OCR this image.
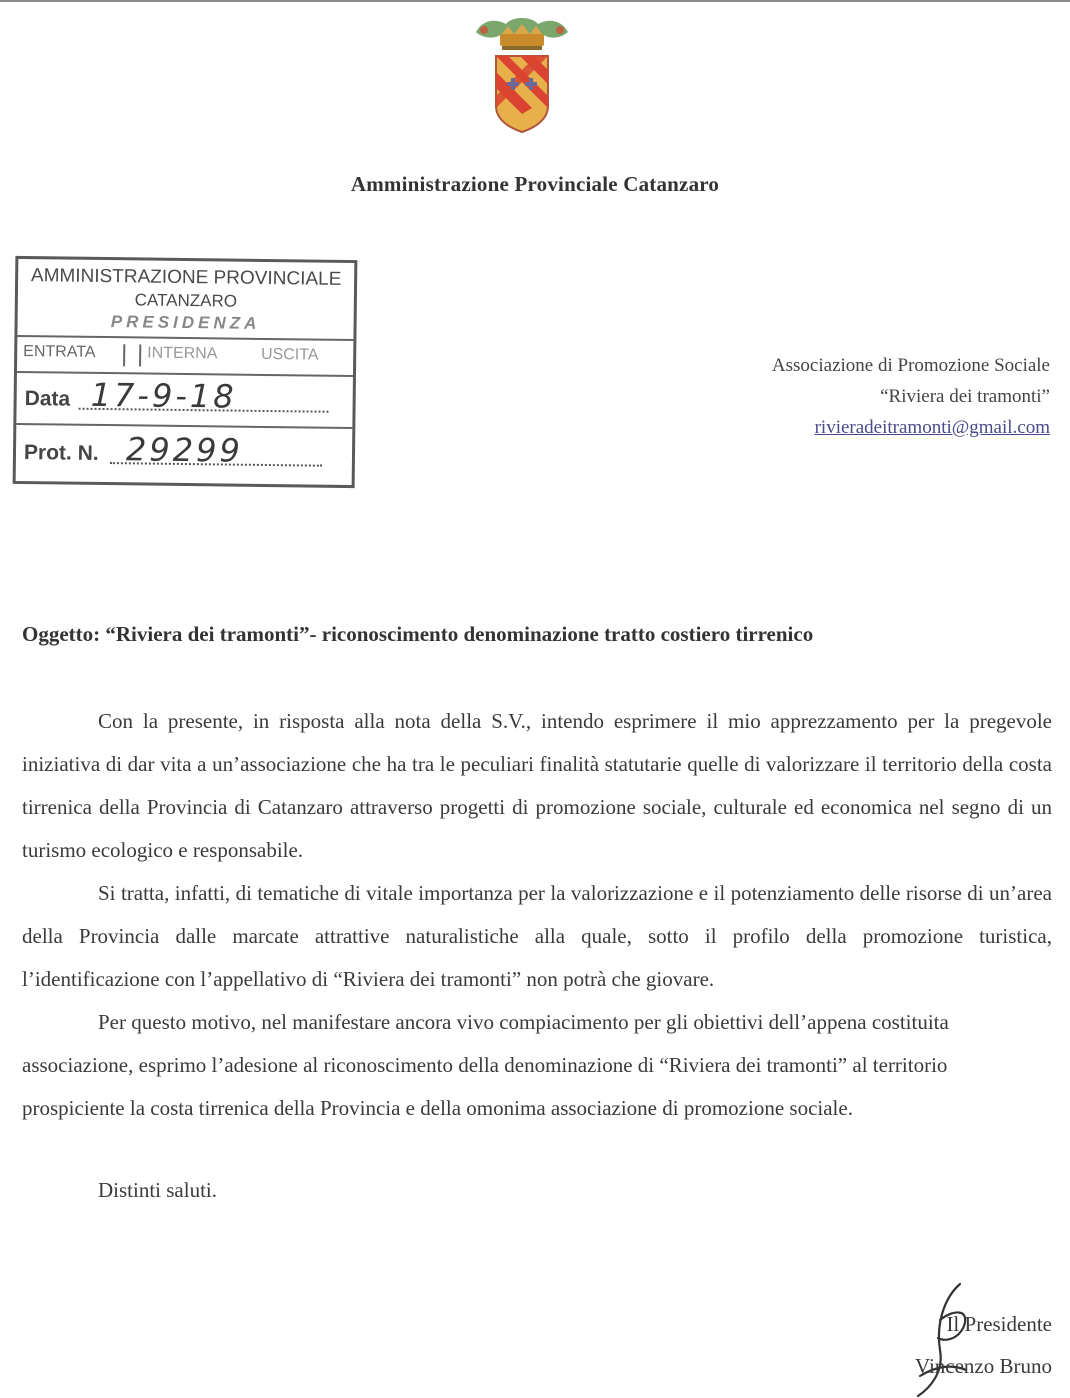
Amministrazione Provinciale Catanzaro
AMMINISTRAZIONE PROVINCIALE
CATANZARO
PRESIDENZA
ENTRATA	INTERNA	USCITA
Data 17-9-18
Prot. N. 29299
Associazione di Promozione Sociale
“Riviera dei tramonti”
rivieradeitramonti@gmail.com
Oggetto: “Riviera dei tramonti”- riconoscimento denominazione tratto costiero tirrenico

Con la presente, in risposta alla nota della S.V., intendo esprimere il mio apprezzamento per la pregevole iniziativa di dar vita a un’associazione che ha tra le peculiari finalità statutarie quelle di valorizzare il territorio della costa tirrenica della Provincia di Catanzaro attraverso progetti di promozione sociale, culturale ed economica nel segno di un turismo ecologico e responsabile.

Si tratta, infatti, di tematiche di vitale importanza per la valorizzazione e il potenziamento delle risorse di un’area della Provincia dalle marcate attrattive naturalistiche alla quale, sotto il profilo della promozione turistica, l’identificazione con l’appellativo di “Riviera dei tramonti” non potrà che giovare.

Per questo motivo, nel manifestare ancora vivo compiacimento per gli obiettivi dell’appena costituita associazione, esprimo l’adesione al riconoscimento della denominazione di “Riviera dei tramonti” al territorio prospiciente la costa tirrenica della Provincia e della omonima associazione di promozione sociale.

Distinti saluti.
Il Presidente
Vincenzo Bruno
